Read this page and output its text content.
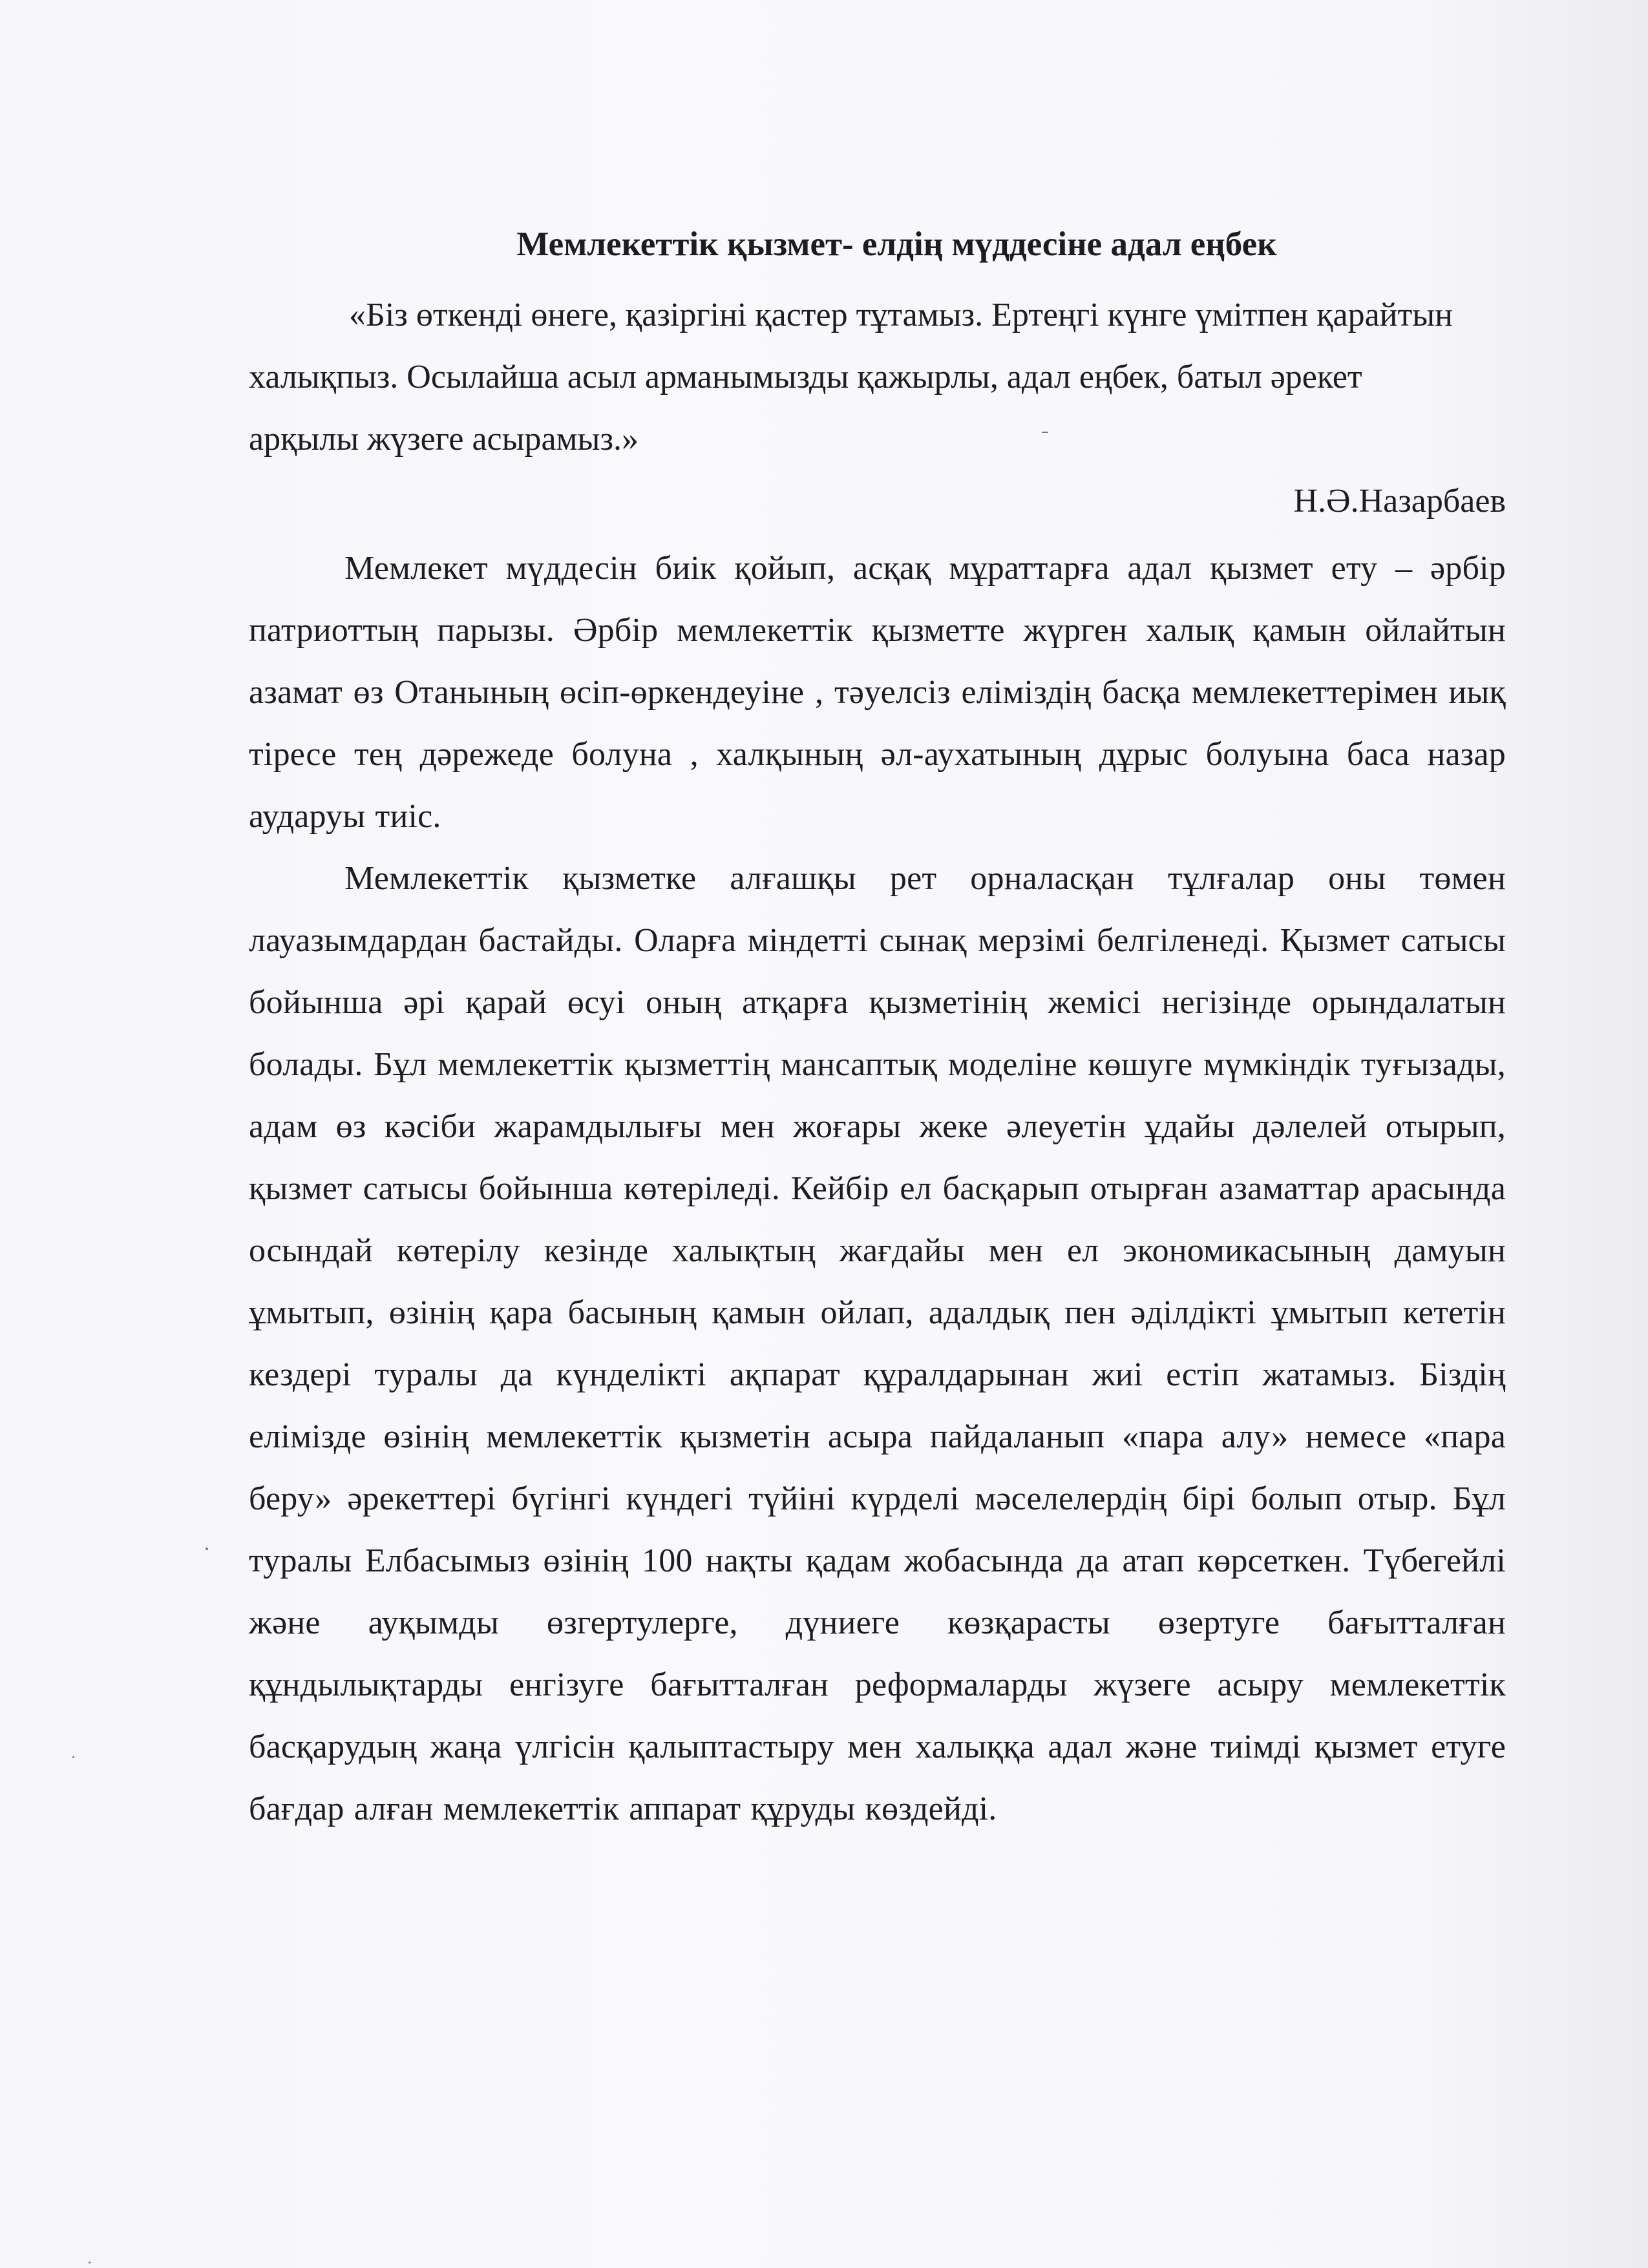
Мемлекеттік қызмет- елдің мүддесіне адал еңбек

«Біз өткенді өнеге, қазіргіні қастер тұтамыз. Ертеңгі күнге үмітпен қарайтын халықпыз. Осылайша асыл арманымызды қажырлы, адал еңбек, батыл әрекет арқылы жүзеге асырамыз.»

Н.Ә.Назарбаев

Мемлекет мүддесін биік қойып, асқақ мұраттарға адал қызмет ету – әрбір патриоттың парызы. Әрбір мемлекеттік қызметте жүрген халық қамын ойлайтын азамат өз Отанының өсіп-өркендеуіне , тәуелсіз еліміздің басқа мемлекеттерімен иық тіресе тең дәрежеде болуна , халқының әл-аухатының дұрыс болуына баса назар аударуы тиіс.

Мемлекеттік қызметке алғашқы рет орналасқан тұлғалар оны төмен лауазымдардан бастайды. Оларға міндетті сынақ мерзімі белгіленеді. Қызмет сатысы бойынша әрі қарай өсуі оның атқарға қызметінің жемісі негізінде орындалатын болады. Бұл мемлекеттік қызметтің мансаптық моделіне көшуге мүмкіндік туғызады, адам өз кәсіби жарамдылығы мен жоғары жеке әлеуетін ұдайы дәлелей отырып, қызмет сатысы бойынша көтеріледі. Кейбір ел басқарып отырған азаматтар арасында осындай көтерілу кезінде халықтың жағдайы мен ел экономикасының дамуын ұмытып, өзінің қара басының қамын ойлап, адалдық пен әділдікті ұмытып кететін кездері туралы да күнделікті ақпарат құралдарынан жиі естіп жатамыз. Біздің елімізде өзінің мемлекеттік қызметін асыра пайдаланып «пара алу» немесе «пара беру» әрекеттері бүгінгі күндегі түйіні күрделі мәселелердің бірі болып отыр. Бұл туралы Елбасымыз өзінің 100 нақты қадам жобасында да атап көрсеткен. Түбегейлі және ауқымды өзгертулерге, дүниеге көзқарасты өзертуге бағытталған құндылықтарды енгізуге бағытталған реформаларды жүзеге асыру мемлекеттік басқарудың жаңа үлгісін қалыптастыру мен халыққа адал және тиімді қызмет етуге бағдар алған мемлекеттік аппарат құруды көздейді.
